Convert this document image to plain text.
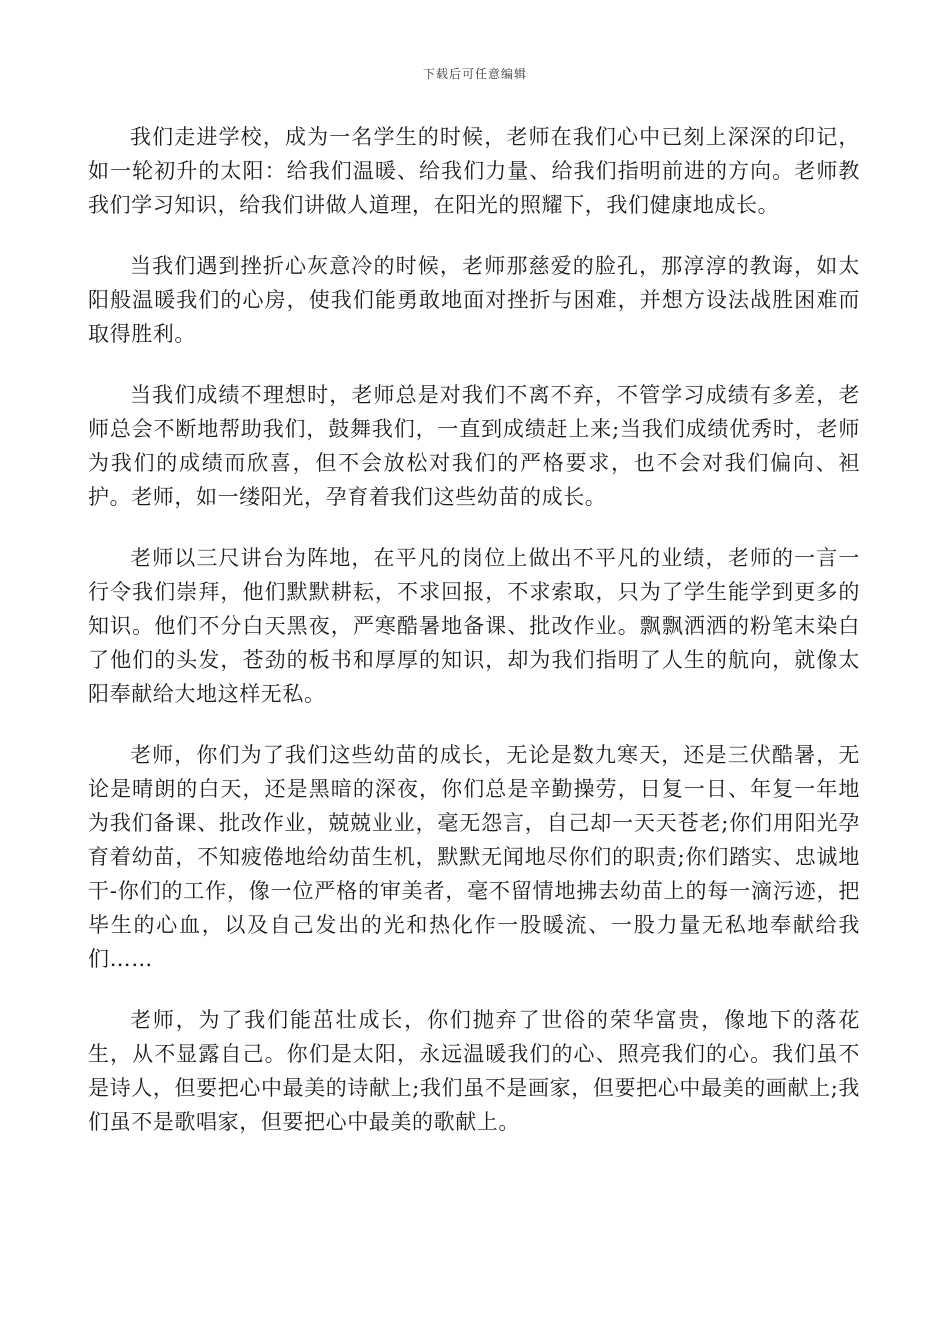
下载后可任意编辑

我们走进学校，成为一名学生的时候，老师在我们心中已刻上深深的印记，如一轮初升的太阳：给我们温暖、给我们力量、给我们指明前进的方向。老师教我们学习知识，给我们讲做人道理，在阳光的照耀下，我们健康地成长。

当我们遇到挫折心灰意冷的时候，老师那慈爱的脸孔，那淳淳的教诲，如太阳般温暖我们的心房，使我们能勇敢地面对挫折与困难，并想方设法战胜困难而取得胜利。

当我们成绩不理想时，老师总是对我们不离不弃，不管学习成绩有多差，老师总会不断地帮助我们，鼓舞我们，一直到成绩赶上来;当我们成绩优秀时，老师为我们的成绩而欣喜，但不会放松对我们的严格要求，也不会对我们偏向、袒护。老师，如一缕阳光，孕育着我们这些幼苗的成长。

老师以三尺讲台为阵地，在平凡的岗位上做出不平凡的业绩，老师的一言一行令我们崇拜，他们默默耕耘，不求回报，不求索取，只为了学生能学到更多的知识。他们不分白天黑夜，严寒酷暑地备课、批改作业。飘飘洒洒的粉笔末染白了他们的头发，苍劲的板书和厚厚的知识，却为我们指明了人生的航向，就像太阳奉献给大地这样无私。

老师，你们为了我们这些幼苗的成长，无论是数九寒天，还是三伏酷暑，无论是晴朗的白天，还是黑暗的深夜，你们总是辛勤操劳，日复一日、年复一年地为我们备课、批改作业，兢兢业业，毫无怨言，自己却一天天苍老;你们用阳光孕育着幼苗，不知疲倦地给幼苗生机，默默无闻地尽你们的职责;你们踏实、忠诚地干-你们的工作，像一位严格的审美者，毫不留情地拂去幼苗上的每一滴污迹，把毕生的心血，以及自己发出的光和热化作一股暖流、一股力量无私地奉献给我们……

老师，为了我们能茁壮成长，你们抛弃了世俗的荣华富贵，像地下的落花生，从不显露自己。你们是太阳，永远温暖我们的心、照亮我们的心。我们虽不是诗人，但要把心中最美的诗献上;我们虽不是画家，但要把心中最美的画献上;我们虽不是歌唱家，但要把心中最美的歌献上。
